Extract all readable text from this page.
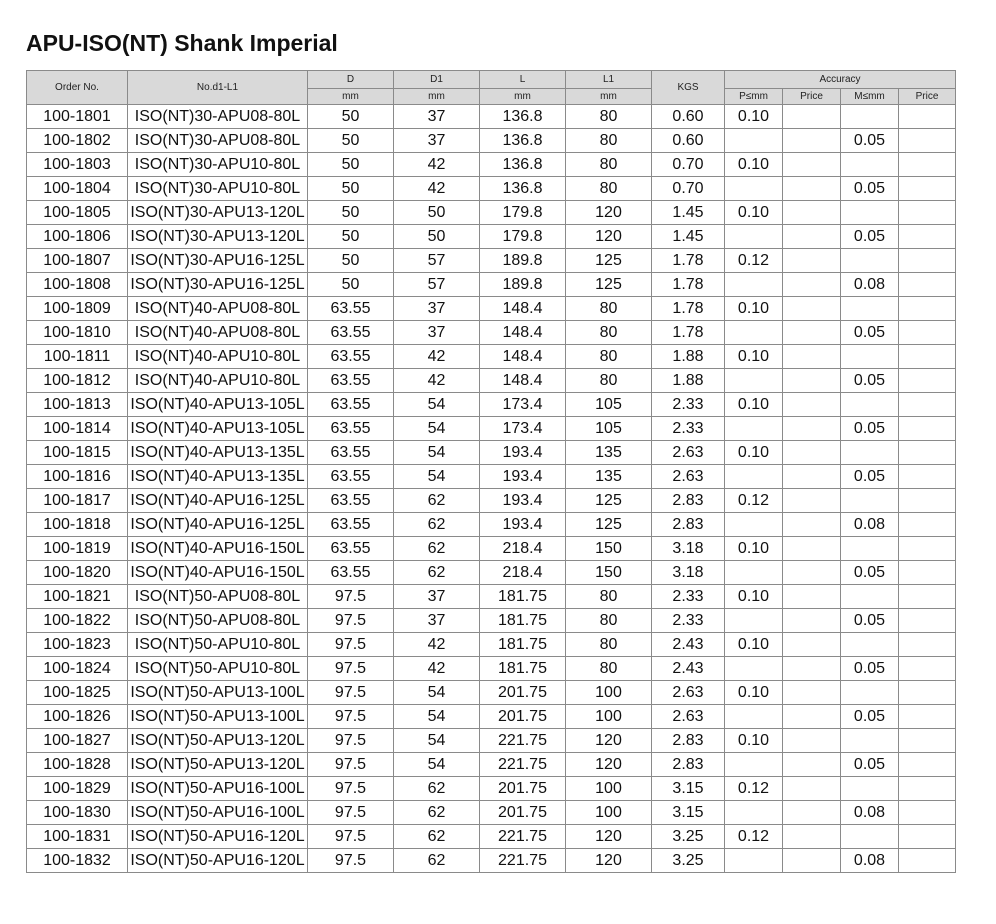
APU-ISO(NT) Shank Imperial
Order No.	No.d1-L1	D	D1	L	L1	KGS	Accuracy			
		mm	mm	mm	mm		P≤mm	Price	M≤mm	Price
100-1801	ISO(NT)30-APU08-80L	50	37	136.8	80	0.60	0.10			
100-1802	ISO(NT)30-APU08-80L	50	37	136.8	80	0.60			0.05	
100-1803	ISO(NT)30-APU10-80L	50	42	136.8	80	0.70	0.10			
100-1804	ISO(NT)30-APU10-80L	50	42	136.8	80	0.70			0.05	
100-1805	ISO(NT)30-APU13-120L	50	50	179.8	120	1.45	0.10			
100-1806	ISO(NT)30-APU13-120L	50	50	179.8	120	1.45			0.05	
100-1807	ISO(NT)30-APU16-125L	50	57	189.8	125	1.78	0.12			
100-1808	ISO(NT)30-APU16-125L	50	57	189.8	125	1.78			0.08	
100-1809	ISO(NT)40-APU08-80L	63.55	37	148.4	80	1.78	0.10			
100-1810	ISO(NT)40-APU08-80L	63.55	37	148.4	80	1.78			0.05	
100-1811	ISO(NT)40-APU10-80L	63.55	42	148.4	80	1.88	0.10			
100-1812	ISO(NT)40-APU10-80L	63.55	42	148.4	80	1.88			0.05	
100-1813	ISO(NT)40-APU13-105L	63.55	54	173.4	105	2.33	0.10			
100-1814	ISO(NT)40-APU13-105L	63.55	54	173.4	105	2.33			0.05	
100-1815	ISO(NT)40-APU13-135L	63.55	54	193.4	135	2.63	0.10			
100-1816	ISO(NT)40-APU13-135L	63.55	54	193.4	135	2.63			0.05	
100-1817	ISO(NT)40-APU16-125L	63.55	62	193.4	125	2.83	0.12			
100-1818	ISO(NT)40-APU16-125L	63.55	62	193.4	125	2.83			0.08	
100-1819	ISO(NT)40-APU16-150L	63.55	62	218.4	150	3.18	0.10			
100-1820	ISO(NT)40-APU16-150L	63.55	62	218.4	150	3.18			0.05	
100-1821	ISO(NT)50-APU08-80L	97.5	37	181.75	80	2.33	0.10			
100-1822	ISO(NT)50-APU08-80L	97.5	37	181.75	80	2.33			0.05	
100-1823	ISO(NT)50-APU10-80L	97.5	42	181.75	80	2.43	0.10			
100-1824	ISO(NT)50-APU10-80L	97.5	42	181.75	80	2.43			0.05	
100-1825	ISO(NT)50-APU13-100L	97.5	54	201.75	100	2.63	0.10			
100-1826	ISO(NT)50-APU13-100L	97.5	54	201.75	100	2.63			0.05	
100-1827	ISO(NT)50-APU13-120L	97.5	54	221.75	120	2.83	0.10			
100-1828	ISO(NT)50-APU13-120L	97.5	54	221.75	120	2.83			0.05	
100-1829	ISO(NT)50-APU16-100L	97.5	62	201.75	100	3.15	0.12			
100-1830	ISO(NT)50-APU16-100L	97.5	62	201.75	100	3.15			0.08	
100-1831	ISO(NT)50-APU16-120L	97.5	62	221.75	120	3.25	0.12			
100-1832	ISO(NT)50-APU16-120L	97.5	62	221.75	120	3.25			0.08	
